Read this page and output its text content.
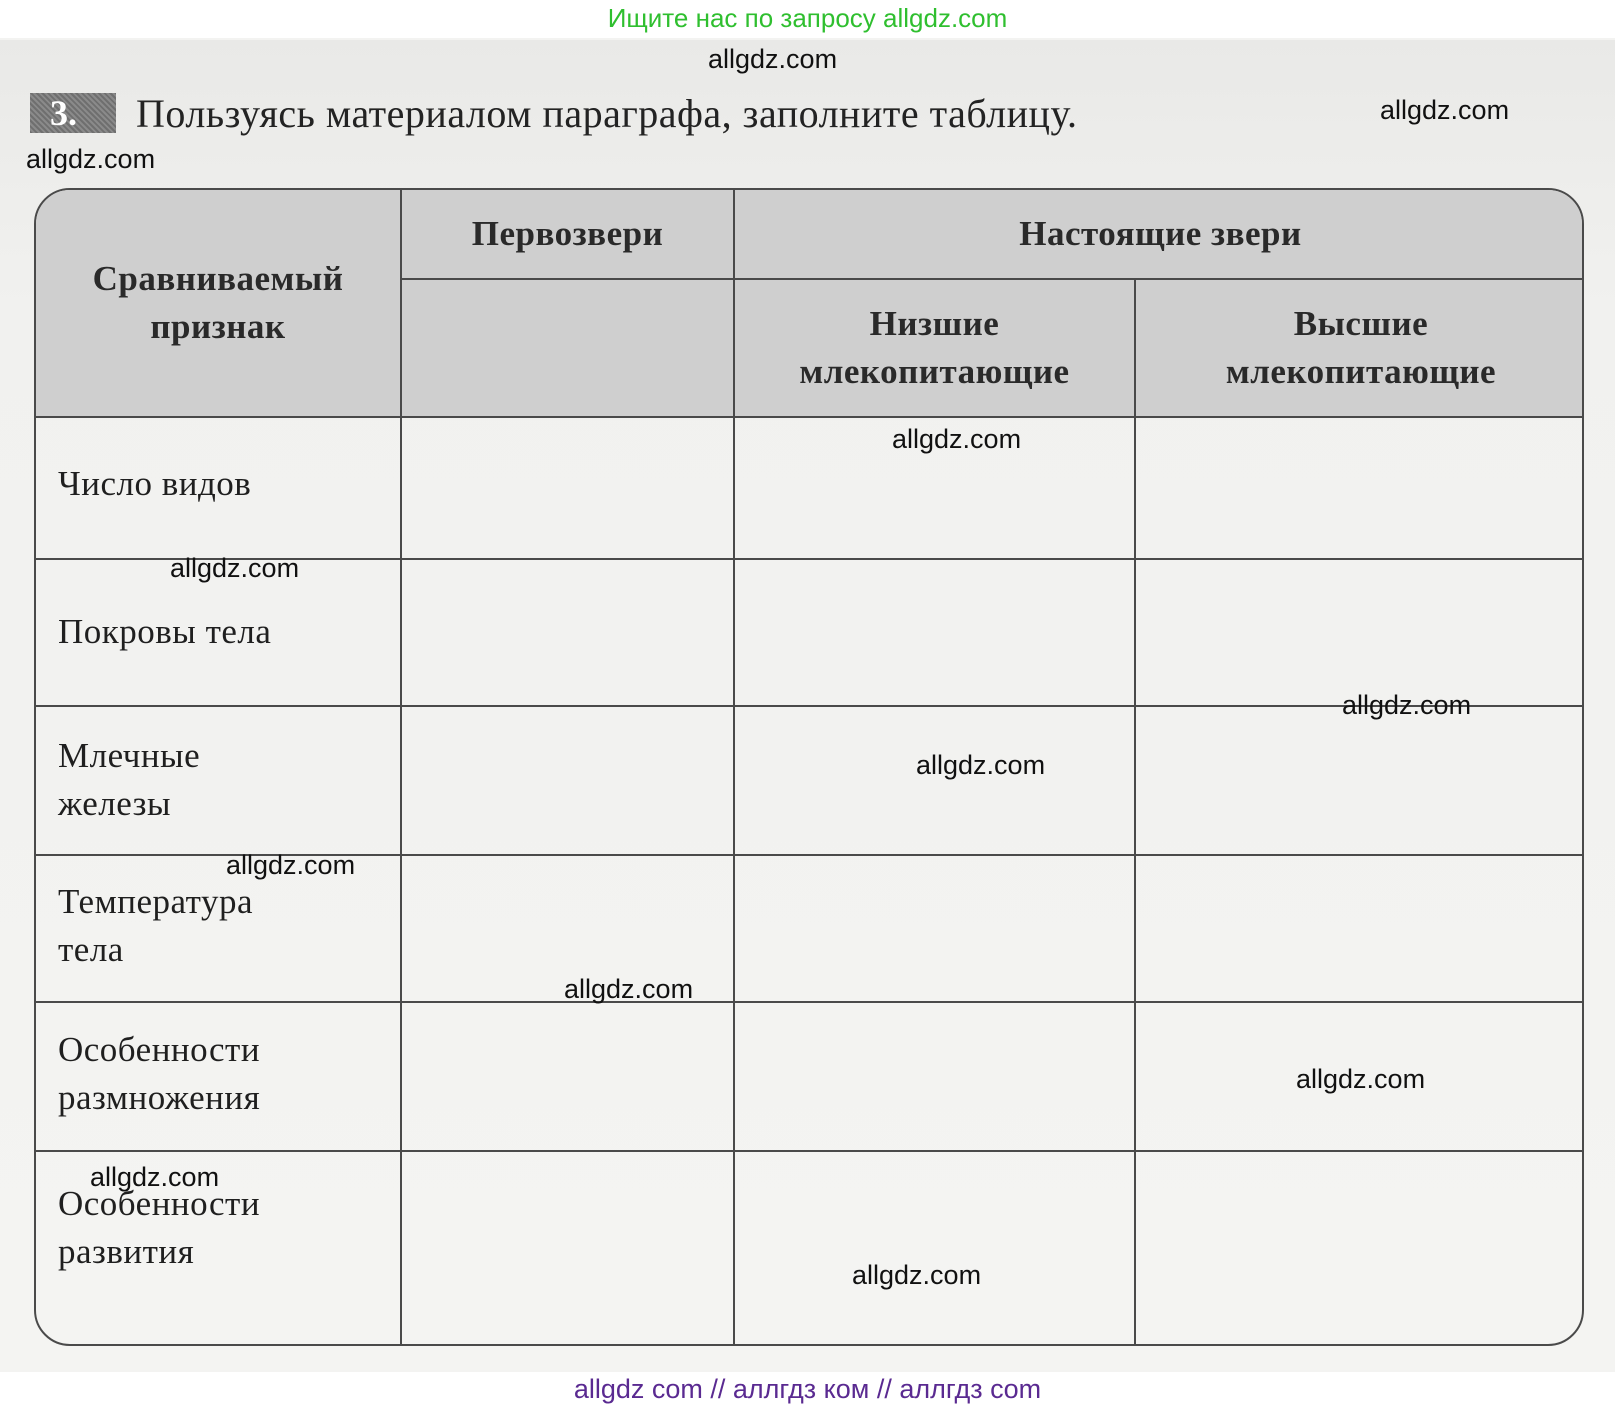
Ищите нас по запросу allgdz.com
3.	Пользуясь материалом параграфа, заполните таблицу.
Сравниваемый признак
Первозвери	Настоящие звери
Низшие млекопитающие
Высшие млекопитающие
Число видов
Покровы тела
Млечные
железы
Температура
тела
Особенности
размножения
Особенности
развития
allgdz.com
allgdz.com
allgdz.com
allgdz.com
allgdz.com
allgdz.com
allgdz.com
allgdz.com
allgdz.com
allgdz.com
allgdz.com
allgdz.com
allgdz com // аллгдз ком // аллгдз com
